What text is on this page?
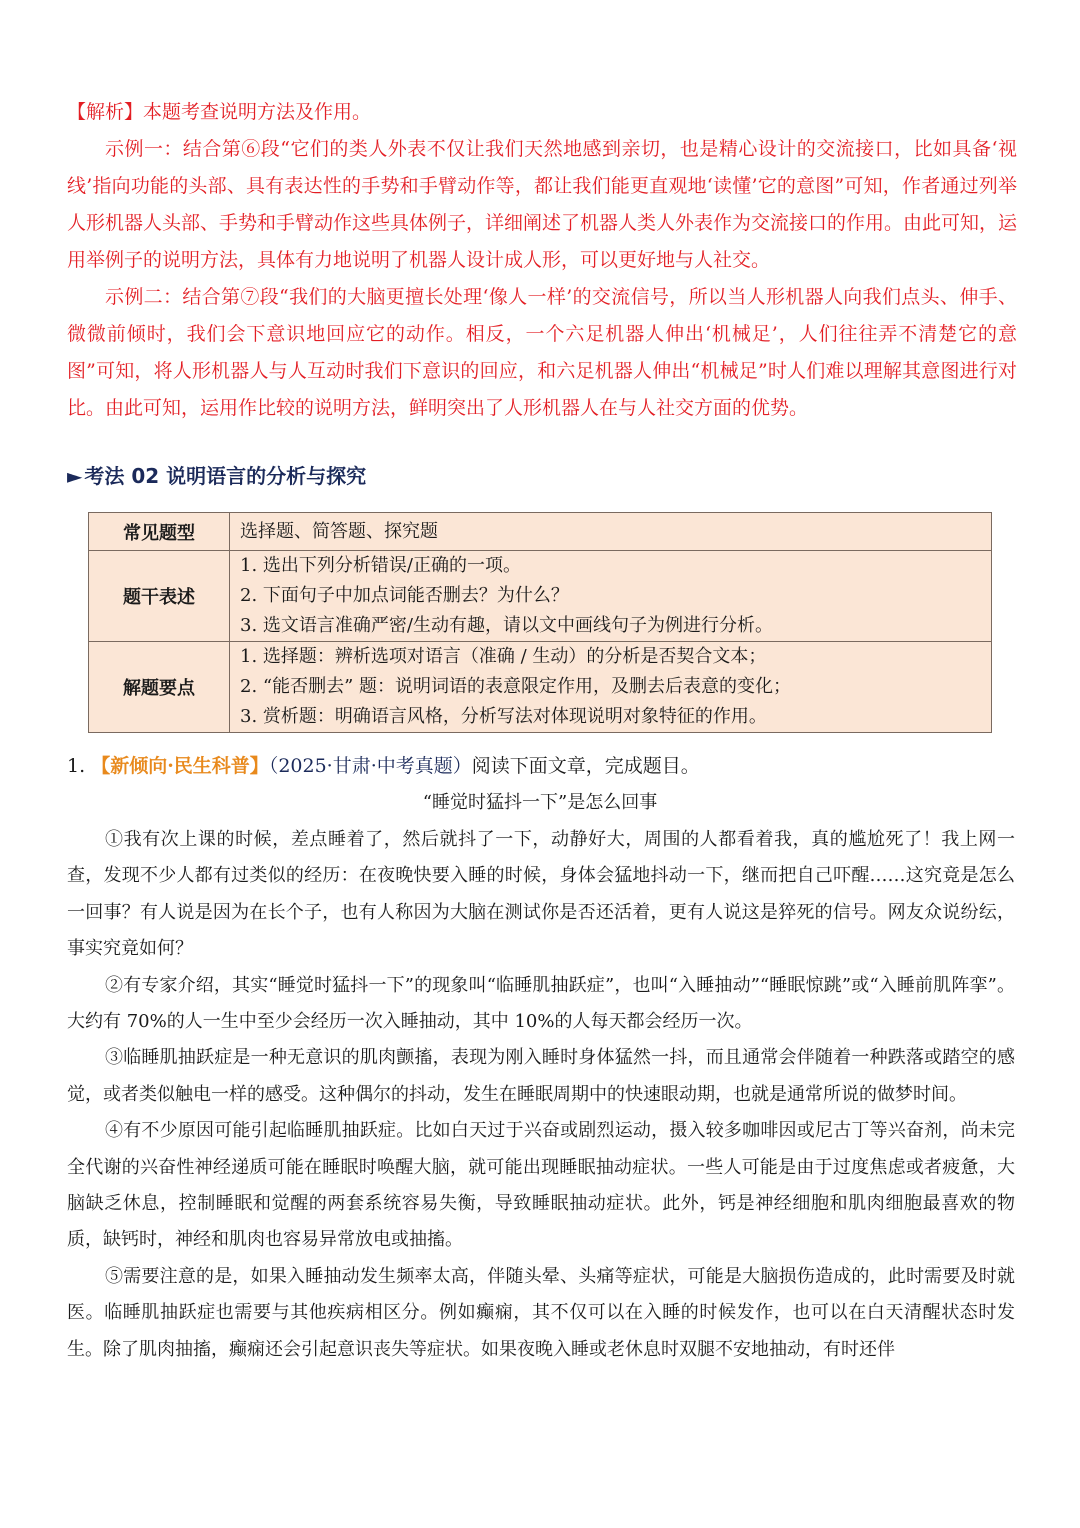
【解析】本题考查说明方法及作用。

示例一：结合第⑥段“它们的类人外表不仅让我们天然地感到亲切，也是精心设计的交流接口，比如具备‘视线’指向功能的头部、具有表达性的手势和手臂动作等，都让我们能更直观地‘读懂’它的意图”可知，作者通过列举人形机器人头部、手势和手臂动作这些具体例子，详细阐述了机器人类人外表作为交流接口的作用。由此可知，运用举例子的说明方法，具体有力地说明了机器人设计成人形，可以更好地与人社交。

示例二：结合第⑦段“我们的大脑更擅长处理‘像人一样’的交流信号，所以当人形机器人向我们点头、伸手、微微前倾时，我们会下意识地回应它的动作。相反，一个六足机器人伸出‘机械足’，人们往往弄不清楚它的意图”可知，将人形机器人与人互动时我们下意识的回应，和六足机器人伸出“机械足”时人们难以理解其意图进行对比。由此可知，运用作比较的说明方法，鲜明突出了人形机器人在与人社交方面的优势。

► 考法 02 说明语言的分析与探究
常见题型	选择题、简答题、探究题

题干表述	1. 选出下列分析错误/正确的一项。
2. 下面句子中加点词能否删去？为什么？
3. 选文语言准确严密/生动有趣，请以文中画线句子为例进行分析。

解题要点	1. 选择题：辨析选项对语言（准确 / 生动）的分析是否契合文本；
2. “能否删去” 题：说明词语的表意限定作用，及删去后表意的变化；
3. 赏析题：明确语言风格，分析写法对体现说明对象特征的作用。
1. 【新倾向·民生科普】（2025·甘肃·中考真题）阅读下面文章，完成题目。
“睡觉时猛抖一下”是怎么回事

①我有次上课的时候，差点睡着了，然后就抖了一下，动静好大，周围的人都看着我，真的尴尬死了！我上网一查，发现不少人都有过类似的经历：在夜晚快要入睡的时候，身体会猛地抖动一下，继而把自己吓醒……这究竟是怎么一回事？有人说是因为在长个子，也有人称因为大脑在测试你是否还活着，更有人说这是猝死的信号。网友众说纷纭，事实究竟如何？

②有专家介绍，其实“睡觉时猛抖一下”的现象叫“临睡肌抽跃症”，也叫“入睡抽动”“睡眠惊跳”或“入睡前肌阵挛”。大约有 70%的人一生中至少会经历一次入睡抽动，其中 10%的人每天都会经历一次。

③临睡肌抽跃症是一种无意识的肌肉颤搐，表现为刚入睡时身体猛然一抖，而且通常会伴随着一种跌落或踏空的感觉，或者类似触电一样的感受。这种偶尔的抖动，发生在睡眠周期中的快速眼动期，也就是通常所说的做梦时间。

④有不少原因可能引起临睡肌抽跃症。比如白天过于兴奋或剧烈运动，摄入较多咖啡因或尼古丁等兴奋剂，尚未完全代谢的兴奋性神经递质可能在睡眠时唤醒大脑，就可能出现睡眠抽动症状。一些人可能是由于过度焦虑或者疲惫，大脑缺乏休息，控制睡眠和觉醒的两套系统容易失衡，导致睡眠抽动症状。此外，钙是神经细胞和肌肉细胞最喜欢的物质，缺钙时，神经和肌肉也容易异常放电或抽搐。

⑤需要注意的是，如果入睡抽动发生频率太高，伴随头晕、头痛等症状，可能是大脑损伤造成的，此时需要及时就医。临睡肌抽跃症也需要与其他疾病相区分。例如癫痫，其不仅可以在入睡的时候发作，也可以在白天清醒状态时发生。除了肌肉抽搐，癫痫还会引起意识丧失等症状。如果夜晚入睡或老休息时双腿不安地抽动，有时还伴
